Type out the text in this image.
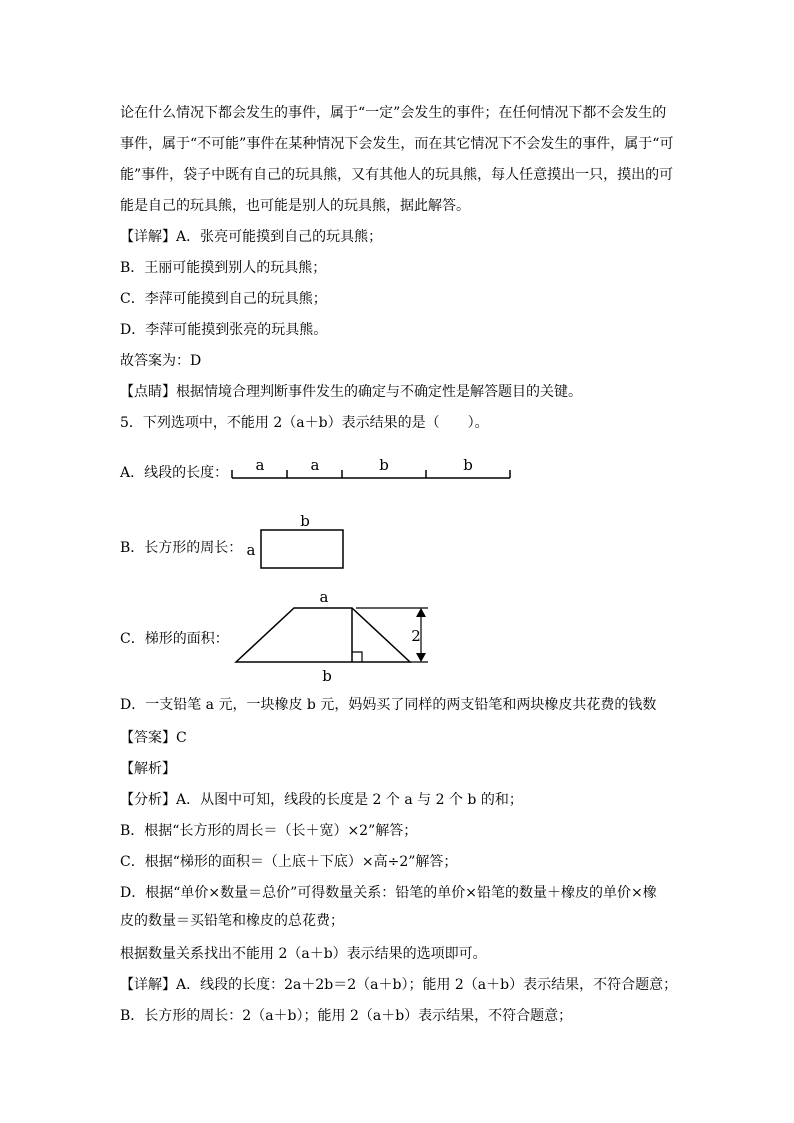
论在什么情况下都会发生的事件，属于“一定”会发生的事件；在任何情况下都不会发生的
事件，属于“不可能”事件在某种情况下会发生，而在其它情况下不会发生的事件，属于“可
能”事件，袋子中既有自己的玩具熊，又有其他人的玩具熊，每人任意摸出一只，摸出的可
能是自己的玩具熊，也可能是别人的玩具熊，据此解答。
【详解】A．张亮可能摸到自己的玩具熊；
B．王丽可能摸到别人的玩具熊；
C．李萍可能摸到自己的玩具熊；
D．李萍可能摸到张亮的玩具熊。
故答案为：D
【点睛】根据情境合理判断事件发生的确定与不确定性是解答题目的关键。
5．下列选项中，不能用 2（a＋b）表示结果的是（　　）。
A．线段的长度： a	a	b	b
B．长方形的周长：
b
a
C．梯形的面积：
a
b
2
D．一支铅笔 a 元，一块橡皮 b 元，妈妈买了同样的两支铅笔和两块橡皮共花费的钱数
【答案】C
【解析】
【分析】A．从图中可知，线段的长度是 2 个 a 与 2 个 b 的和；
B．根据“长方形的周长＝（长＋宽）×2”解答；
C．根据“梯形的面积＝（上底＋下底）×高÷2”解答；
D．根据“单价×数量＝总价”可得数量关系：铅笔的单价×铅笔的数量＋橡皮的单价×橡
皮的数量＝买铅笔和橡皮的总花费；
根据数量关系找出不能用 2（a＋b）表示结果的选项即可。
【详解】A．线段的长度：2a＋2b＝2（a＋b）；能用 2（a＋b）表示结果，不符合题意；
B．长方形的周长：2（a＋b）；能用 2（a＋b）表示结果，不符合题意；
